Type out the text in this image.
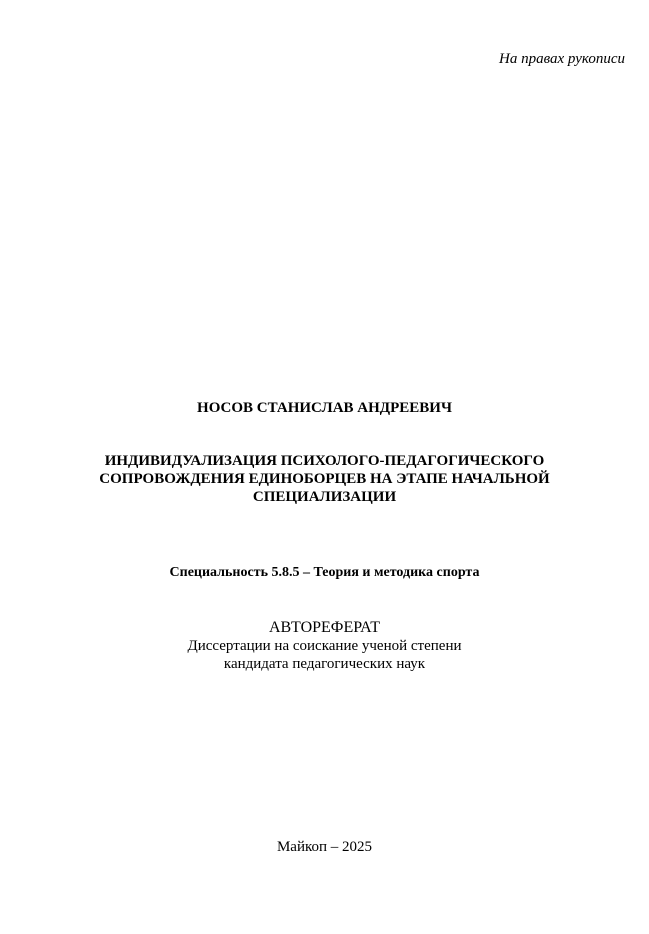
На правах рукописи
НОСОВ СТАНИСЛАВ АНДРЕЕВИЧ
ИНДИВИДУАЛИЗАЦИЯ ПСИХОЛОГО-ПЕДАГОГИЧЕСКОГО
СОПРОВОЖДЕНИЯ ЕДИНОБОРЦЕВ НА ЭТАПЕ НАЧАЛЬНОЙ
СПЕЦИАЛИЗАЦИИ
Специальность 5.8.5 – Теория и методика спорта
АВТОРЕФЕРАТ
Диссертации на соискание ученой степени
кандидата педагогических наук
Майкоп – 2025
